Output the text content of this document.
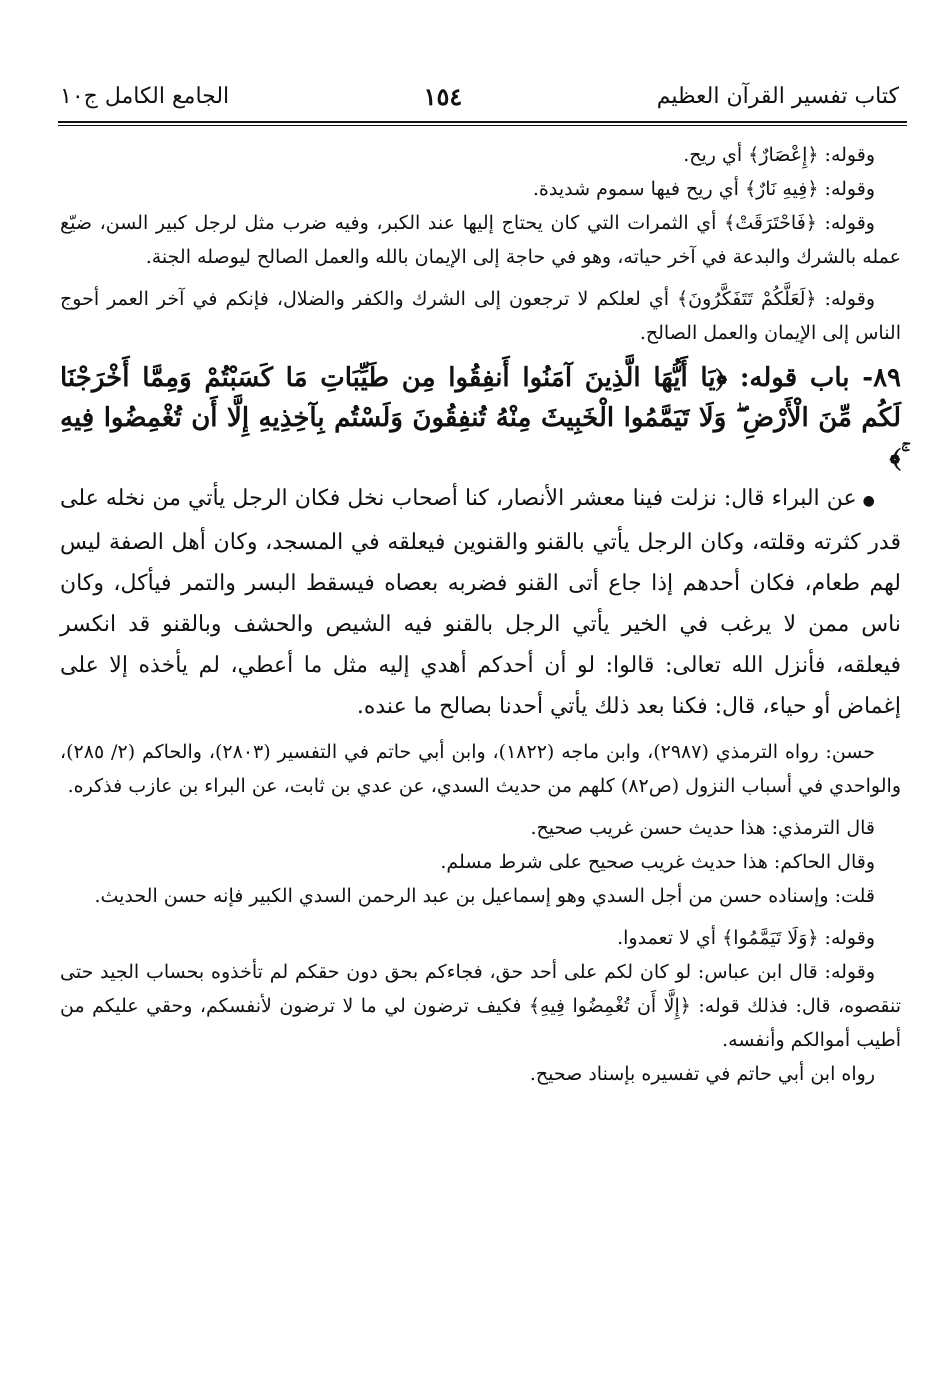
كتاب تفسير القرآن العظيم
١٥٤
الجامع الكامل ج١٠

وقوله: ﴿إِعْصَارٌ﴾ أي ريح.

وقوله: ﴿فِيهِ نَارٌ﴾ أي ريح فيها سموم شديدة.

وقوله: ﴿فَاحْتَرَقَتْ﴾ أي الثمرات التي كان يحتاج إليها عند الكبر، وفيه ضرب مثل لرجل كبير السن، ضيّع عمله بالشرك والبدعة في آخر حياته، وهو في حاجة إلى الإيمان بالله والعمل الصالح ليوصله الجنة.

وقوله: ﴿لَعَلَّكُمْ تَتَفَكَّرُونَ﴾ أي لعلكم لا ترجعون إلى الشرك والكفر والضلال، فإنكم في آخر العمر أحوج الناس إلى الإيمان والعمل الصالح.

٨٩- باب قوله: ﴿يَا أَيُّهَا الَّذِينَ آمَنُوا أَنفِقُوا مِن طَيِّبَاتِ مَا كَسَبْتُمْ وَمِمَّا أَخْرَجْنَا لَكُم مِّنَ الْأَرْضِ ۖ وَلَا تَيَمَّمُوا الْخَبِيثَ مِنْهُ تُنفِقُونَ وَلَسْتُم بِآخِذِيهِ إِلَّا أَن تُغْمِضُوا فِيهِ ۚ﴾

● عن البراء قال: نزلت فينا معشر الأنصار، كنا أصحاب نخل فكان الرجل يأتي من نخله على قدر كثرته وقلته، وكان الرجل يأتي بالقنو والقنوين فيعلقه في المسجد، وكان أهل الصفة ليس لهم طعام، فكان أحدهم إذا جاع أتى القنو فضربه بعصاه فيسقط البسر والتمر فيأكل، وكان ناس ممن لا يرغب في الخير يأتي الرجل بالقنو فيه الشيص والحشف وبالقنو قد انكسر فيعلقه، فأنزل الله تعالى: قالوا: لو أن أحدكم أهدي إليه مثل ما أعطي، لم يأخذه إلا على إغماض أو حياء، قال: فكنا بعد ذلك يأتي أحدنا بصالح ما عنده.

حسن: رواه الترمذي (٢٩٨٧)، وابن ماجه (١٨٢٢)، وابن أبي حاتم في التفسير (٢٨٠٣)، والحاكم (٢/ ٢٨٥)، والواحدي في أسباب النزول (ص٨٢) كلهم من حديث السدي، عن عدي بن ثابت، عن البراء بن عازب فذكره.

قال الترمذي: هذا حديث حسن غريب صحيح.

وقال الحاكم: هذا حديث غريب صحيح على شرط مسلم.

قلت: وإسناده حسن من أجل السدي وهو إسماعيل بن عبد الرحمن السدي الكبير فإنه حسن الحديث.

وقوله: ﴿وَلَا تَيَمَّمُوا﴾ أي لا تعمدوا.

وقوله: قال ابن عباس: لو كان لكم على أحد حق، فجاءكم بحق دون حقكم لم تأخذوه بحساب الجيد حتى تنقصوه، قال: فذلك قوله: ﴿إِلَّا أَن تُغْمِضُوا فِيهِ﴾ فكيف ترضون لي ما لا ترضون لأنفسكم، وحقي عليكم من أطيب أموالكم وأنفسه.

رواه ابن أبي حاتم في تفسيره بإسناد صحيح.
